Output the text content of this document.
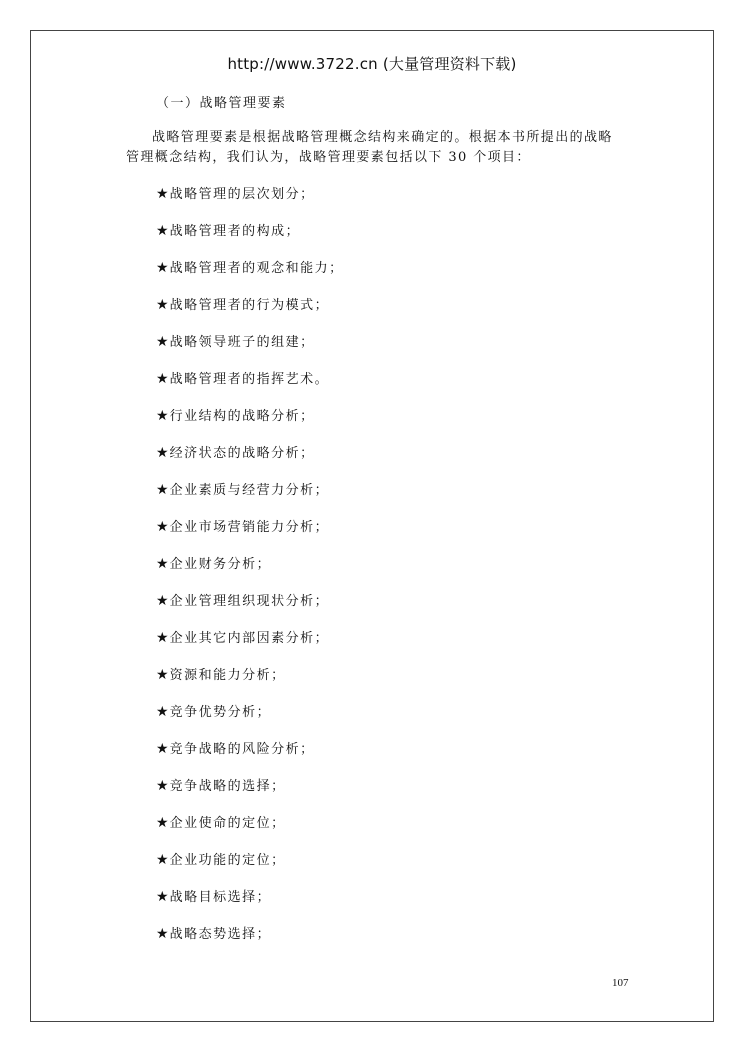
http://www.3722.cn (大量管理资料下载)
（一）战略管理要素

战略管理要素是根据战略管理概念结构来确定的。根据本书所提出的战略管理概念结构，我们认为，战略管理要素包括以下 30 个项目：

★战略管理的层次划分；
★战略管理者的构成；
★战略管理者的观念和能力；
★战略管理者的行为模式；
★战略领导班子的组建；
★战略管理者的指挥艺术。
★行业结构的战略分析；
★经济状态的战略分析；
★企业素质与经营力分析；
★企业市场营销能力分析；
★企业财务分析；
★企业管理组织现状分析；
★企业其它内部因素分析；
★资源和能力分析；
★竞争优势分析；
★竞争战略的风险分析；
★竞争战略的选择；
★企业使命的定位；
★企业功能的定位；
★战略目标选择；
★战略态势选择；
107
